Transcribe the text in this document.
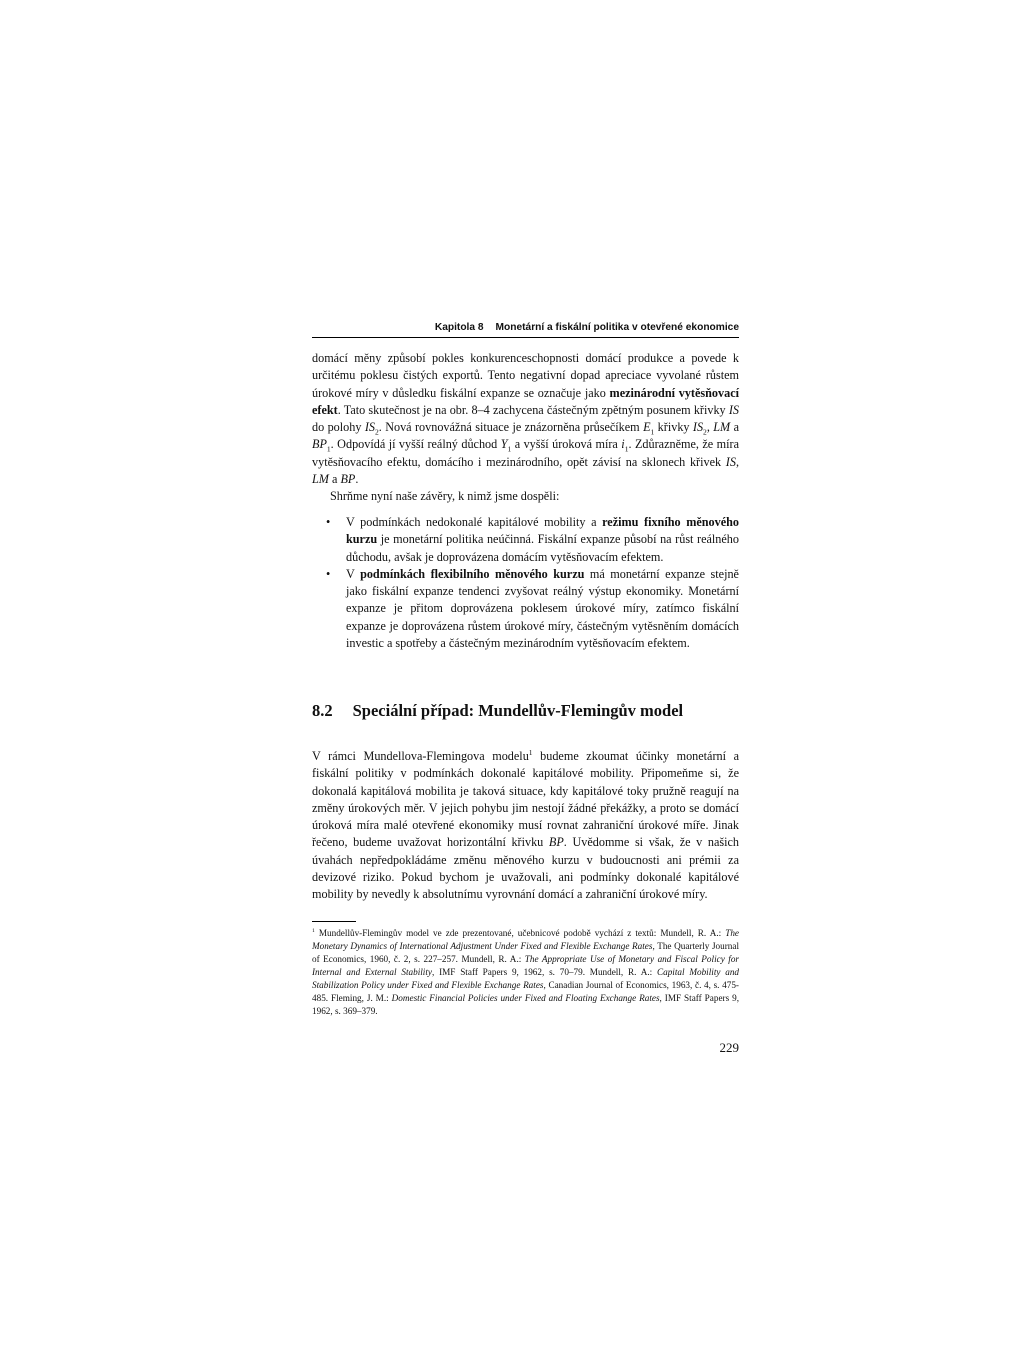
Kapitola 8 Monetární a fiskální politika v otevřené ekonomice

domácí měny způsobí pokles konkurenceschopnosti domácí produkce a povede k určitému poklesu čistých exportů. Tento negativní dopad apreciace vyvolané růstem úrokové míry v důsledku fiskální expanze se označuje jako mezinárodní vytěsňovací efekt. Tato skutečnost je na obr. 8–4 zachycena částečným zpětným posunem křivky IS do polohy $IS_2$. Nová rovnovážná situace je znázorněna průsečíkem $E_1$ křivky $IS_2$, LM a $BP_1$. Odpovídá jí vyšší reálný důchod $Y_1$ a vyšší úroková míra $i_1$. Zdůrazněme, že míra vytěsňovacího efektu, domácího i mezinárodního, opět závisí na sklonech křivek IS, LM a BP.

Shrňme nyní naše závěry, k nimž jsme dospěli:

• V podmínkách nedokonalé kapitálové mobility a režimu fixního měnového kurzu je monetární politika neúčinná. Fiskální expanze působí na růst reálného důchodu, avšak je doprovázena domácím vytěsňovacím efektem.
• V podmínkách flexibilního měnového kurzu má monetární expanze stejně jako fiskální expanze tendenci zvyšovat reálný výstup ekonomiky. Monetární expanze je přitom doprovázena poklesem úrokové míry, zatímco fiskální expanze je doprovázena růstem úrokové míry, částečným vytěsněním domácích investic a spotřeby a částečným mezinárodním vytěsňovacím efektem.
8.2 Speciální případ: Mundellův-Flemingův model

V rámci Mundellova-Flemingova modelu$^1$ budeme zkoumat účinky monetární a fiskální politiky v podmínkách dokonalé kapitálové mobility. Připomeňme si, že dokonalá kapitálová mobilita je taková situace, kdy kapitálové toky pružně reagují na změny úrokových měr. V jejich pohybu jim nestojí žádné překážky, a proto se domácí úroková míra malé otevřené ekonomiky musí rovnat zahraniční úrokové míře. Jinak řečeno, budeme uvažovat horizontální křivku BP. Uvědomme si však, že v našich úvahách nepředpokládáme změnu měnového kurzu v budoucnosti ani prémii za devizové riziko. Pokud bychom je uvažovali, ani podmínky dokonalé kapitálové mobility by nevedly k absolutnímu vyrovnání domácí a zahraniční úrokové míry.

$^1$ Mundellův-Flemingův model ve zde prezentované, učebnicové podobě vychází z textů: Mundell, R. A.: The Monetary Dynamics of International Adjustment Under Fixed and Flexible Exchange Rates, The Quarterly Journal of Economics, 1960, č. 2, s. 227–257. Mundell, R. A.: The Appropriate Use of Monetary and Fiscal Policy for Internal and External Stability, IMF Staff Papers 9, 1962, s. 70–79. Mundell, R. A.: Capital Mobility and Stabilization Policy under Fixed and Flexible Exchange Rates, Canadian Journal of Economics, 1963, č. 4, s. 475-485. Fleming, J. M.: Domestic Financial Policies under Fixed and Floating Exchange Rates, IMF Staff Papers 9, 1962, s. 369–379.

229
